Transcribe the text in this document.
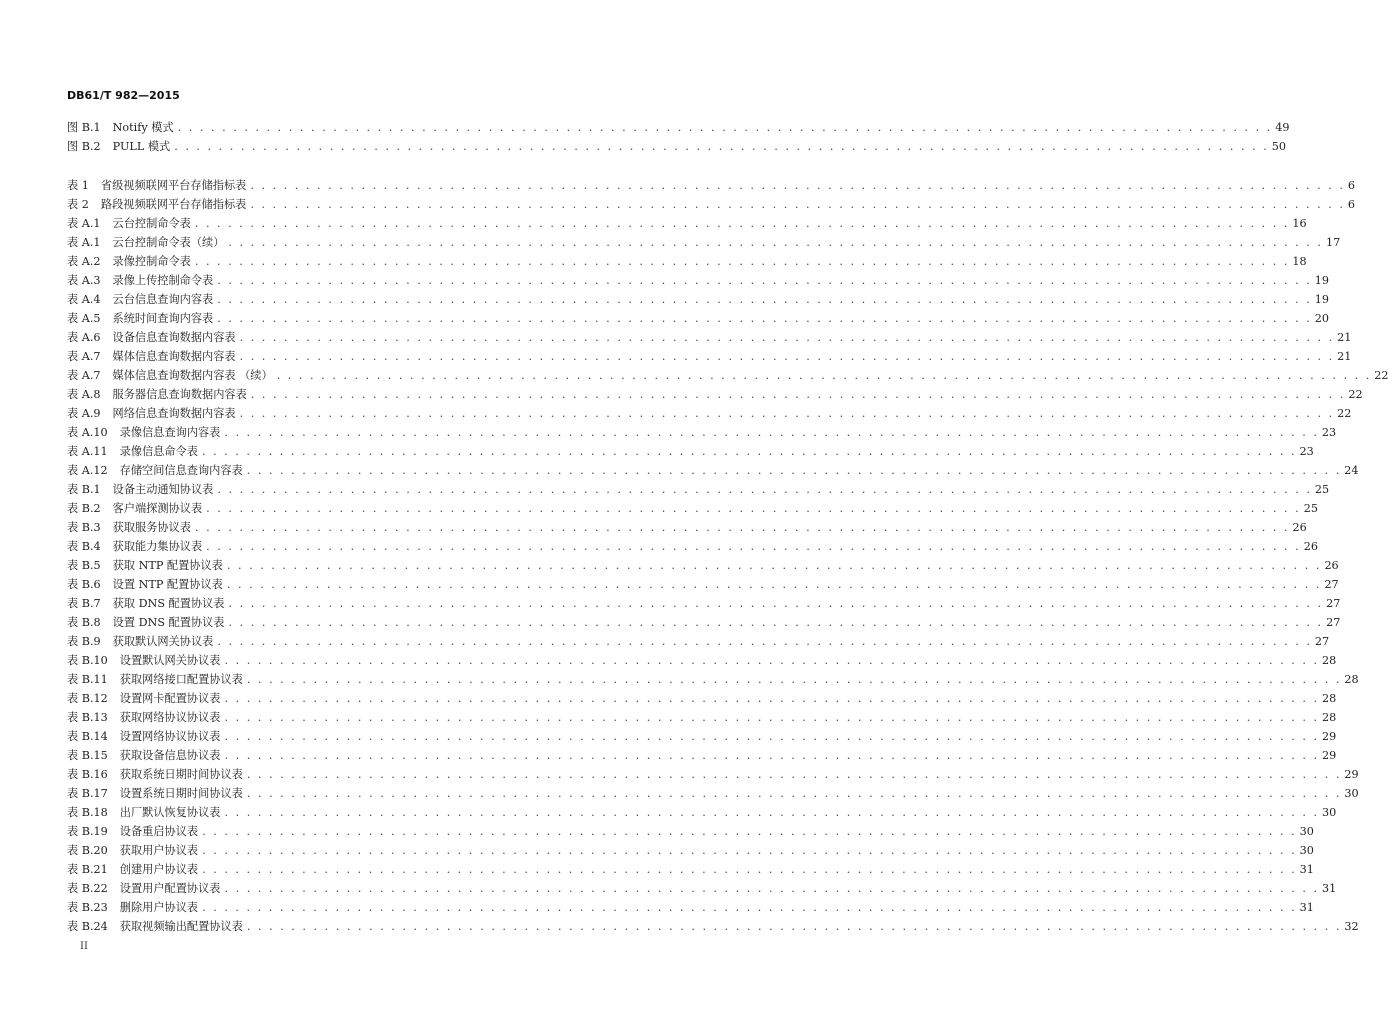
DB61/T 982—2015
图 B.1 Notify 模式 . . . . . . . . . . . . . . . . . . . . . . . . . . . . . . . . . . . . . . . . . . . . . . . . . . . . . . . . . . . . . . . . . . . . . . . . . . . . . . . . . . . . . . . . . . . . . . . . . . . 49
图 B.2 PULL 模式 . . . . . . . . . . . . . . . . . . . . . . . . . . . . . . . . . . . . . . . . . . . . . . . . . . . . . . . . . . . . . . . . . . . . . . . . . . . . . . . . . . . . . . . . . . . . . . . . . . . 50
表 1 省级视频联网平台存储指标表 . . . . . . . . . . . . . . . . . . . . . . . . . . . . . . . . . . . . . . . . . . . . . . . . . . . . . . . . . . . . . . . . . . . . . . . . . . . . . . . . . . . . . . . . . . . . . . . . . . . 6
表 2 路段视频联网平台存储指标表 . . . . . . . . . . . . . . . . . . . . . . . . . . . . . . . . . . . . . . . . . . . . . . . . . . . . . . . . . . . . . . . . . . . . . . . . . . . . . . . . . . . . . . . . . . . . . . . . . . . 6
表 A.1 云台控制命令表 . . . . . . . . . . . . . . . . . . . . . . . . . . . . . . . . . . . . . . . . . . . . . . . . . . . . . . . . . . . . . . . . . . . . . . . . . . . . . . . . . . . . . . . . . . . . . . . . . . . 16
表 A.1 云台控制命令表（续） . . . . . . . . . . . . . . . . . . . . . . . . . . . . . . . . . . . . . . . . . . . . . . . . . . . . . . . . . . . . . . . . . . . . . . . . . . . . . . . . . . . . . . . . . . . . . . . . . . . 17
表 A.2 录像控制命令表 . . . . . . . . . . . . . . . . . . . . . . . . . . . . . . . . . . . . . . . . . . . . . . . . . . . . . . . . . . . . . . . . . . . . . . . . . . . . . . . . . . . . . . . . . . . . . . . . . . . 18
表 A.3 录像上传控制命令表 . . . . . . . . . . . . . . . . . . . . . . . . . . . . . . . . . . . . . . . . . . . . . . . . . . . . . . . . . . . . . . . . . . . . . . . . . . . . . . . . . . . . . . . . . . . . . . . . . . . 19
表 A.4 云台信息查询内容表 . . . . . . . . . . . . . . . . . . . . . . . . . . . . . . . . . . . . . . . . . . . . . . . . . . . . . . . . . . . . . . . . . . . . . . . . . . . . . . . . . . . . . . . . . . . . . . . . . . . 19
表 A.5 系统时间查询内容表 . . . . . . . . . . . . . . . . . . . . . . . . . . . . . . . . . . . . . . . . . . . . . . . . . . . . . . . . . . . . . . . . . . . . . . . . . . . . . . . . . . . . . . . . . . . . . . . . . . . 20
表 A.6 设备信息查询数据内容表 . . . . . . . . . . . . . . . . . . . . . . . . . . . . . . . . . . . . . . . . . . . . . . . . . . . . . . . . . . . . . . . . . . . . . . . . . . . . . . . . . . . . . . . . . . . . . . . . . . . 21
表 A.7 媒体信息查询数据内容表 . . . . . . . . . . . . . . . . . . . . . . . . . . . . . . . . . . . . . . . . . . . . . . . . . . . . . . . . . . . . . . . . . . . . . . . . . . . . . . . . . . . . . . . . . . . . . . . . . . . 21
表 A.7 媒体信息查询数据内容表 （续） . . . . . . . . . . . . . . . . . . . . . . . . . . . . . . . . . . . . . . . . . . . . . . . . . . . . . . . . . . . . . . . . . . . . . . . . . . . . . . . . . . . . . . . . . . . . . . . . . . . 22
表 A.8 服务器信息查询数据内容表 . . . . . . . . . . . . . . . . . . . . . . . . . . . . . . . . . . . . . . . . . . . . . . . . . . . . . . . . . . . . . . . . . . . . . . . . . . . . . . . . . . . . . . . . . . . . . . . . . . . 22
表 A.9 网络信息查询数据内容表 . . . . . . . . . . . . . . . . . . . . . . . . . . . . . . . . . . . . . . . . . . . . . . . . . . . . . . . . . . . . . . . . . . . . . . . . . . . . . . . . . . . . . . . . . . . . . . . . . . . 22
表 A.10 录像信息查询内容表 . . . . . . . . . . . . . . . . . . . . . . . . . . . . . . . . . . . . . . . . . . . . . . . . . . . . . . . . . . . . . . . . . . . . . . . . . . . . . . . . . . . . . . . . . . . . . . . . . . . 23
表 A.11 录像信息命令表 . . . . . . . . . . . . . . . . . . . . . . . . . . . . . . . . . . . . . . . . . . . . . . . . . . . . . . . . . . . . . . . . . . . . . . . . . . . . . . . . . . . . . . . . . . . . . . . . . . . 23
表 A.12 存储空间信息查询内容表 . . . . . . . . . . . . . . . . . . . . . . . . . . . . . . . . . . . . . . . . . . . . . . . . . . . . . . . . . . . . . . . . . . . . . . . . . . . . . . . . . . . . . . . . . . . . . . . . . . . 24
表 B.1 设备主动通知协议表 . . . . . . . . . . . . . . . . . . . . . . . . . . . . . . . . . . . . . . . . . . . . . . . . . . . . . . . . . . . . . . . . . . . . . . . . . . . . . . . . . . . . . . . . . . . . . . . . . . . 25
表 B.2 客户端探测协议表 . . . . . . . . . . . . . . . . . . . . . . . . . . . . . . . . . . . . . . . . . . . . . . . . . . . . . . . . . . . . . . . . . . . . . . . . . . . . . . . . . . . . . . . . . . . . . . . . . . . 25
表 B.3 获取服务协议表 . . . . . . . . . . . . . . . . . . . . . . . . . . . . . . . . . . . . . . . . . . . . . . . . . . . . . . . . . . . . . . . . . . . . . . . . . . . . . . . . . . . . . . . . . . . . . . . . . . . 26
表 B.4 获取能力集协议表 . . . . . . . . . . . . . . . . . . . . . . . . . . . . . . . . . . . . . . . . . . . . . . . . . . . . . . . . . . . . . . . . . . . . . . . . . . . . . . . . . . . . . . . . . . . . . . . . . . . 26
表 B.5 获取 NTP 配置协议表 . . . . . . . . . . . . . . . . . . . . . . . . . . . . . . . . . . . . . . . . . . . . . . . . . . . . . . . . . . . . . . . . . . . . . . . . . . . . . . . . . . . . . . . . . . . . . . . . . . . 26
表 B.6 设置 NTP 配置协议表 . . . . . . . . . . . . . . . . . . . . . . . . . . . . . . . . . . . . . . . . . . . . . . . . . . . . . . . . . . . . . . . . . . . . . . . . . . . . . . . . . . . . . . . . . . . . . . . . . . . 27
表 B.7 获取 DNS 配置协议表 . . . . . . . . . . . . . . . . . . . . . . . . . . . . . . . . . . . . . . . . . . . . . . . . . . . . . . . . . . . . . . . . . . . . . . . . . . . . . . . . . . . . . . . . . . . . . . . . . . . 27
表 B.8 设置 DNS 配置协议表 . . . . . . . . . . . . . . . . . . . . . . . . . . . . . . . . . . . . . . . . . . . . . . . . . . . . . . . . . . . . . . . . . . . . . . . . . . . . . . . . . . . . . . . . . . . . . . . . . . . 27
表 B.9 获取默认网关协议表 . . . . . . . . . . . . . . . . . . . . . . . . . . . . . . . . . . . . . . . . . . . . . . . . . . . . . . . . . . . . . . . . . . . . . . . . . . . . . . . . . . . . . . . . . . . . . . . . . . . 27
表 B.10 设置默认网关协议表 . . . . . . . . . . . . . . . . . . . . . . . . . . . . . . . . . . . . . . . . . . . . . . . . . . . . . . . . . . . . . . . . . . . . . . . . . . . . . . . . . . . . . . . . . . . . . . . . . . . 28
表 B.11 获取网络接口配置协议表 . . . . . . . . . . . . . . . . . . . . . . . . . . . . . . . . . . . . . . . . . . . . . . . . . . . . . . . . . . . . . . . . . . . . . . . . . . . . . . . . . . . . . . . . . . . . . . . . . . . 28
表 B.12 设置网卡配置协议表 . . . . . . . . . . . . . . . . . . . . . . . . . . . . . . . . . . . . . . . . . . . . . . . . . . . . . . . . . . . . . . . . . . . . . . . . . . . . . . . . . . . . . . . . . . . . . . . . . . . 28
表 B.13 获取网络协议协议表 . . . . . . . . . . . . . . . . . . . . . . . . . . . . . . . . . . . . . . . . . . . . . . . . . . . . . . . . . . . . . . . . . . . . . . . . . . . . . . . . . . . . . . . . . . . . . . . . . . . 28
表 B.14 设置网络协议协议表 . . . . . . . . . . . . . . . . . . . . . . . . . . . . . . . . . . . . . . . . . . . . . . . . . . . . . . . . . . . . . . . . . . . . . . . . . . . . . . . . . . . . . . . . . . . . . . . . . . . 29
表 B.15 获取设备信息协议表 . . . . . . . . . . . . . . . . . . . . . . . . . . . . . . . . . . . . . . . . . . . . . . . . . . . . . . . . . . . . . . . . . . . . . . . . . . . . . . . . . . . . . . . . . . . . . . . . . . . 29
表 B.16 获取系统日期时间协议表 . . . . . . . . . . . . . . . . . . . . . . . . . . . . . . . . . . . . . . . . . . . . . . . . . . . . . . . . . . . . . . . . . . . . . . . . . . . . . . . . . . . . . . . . . . . . . . . . . . . 29
表 B.17 设置系统日期时间协议表 . . . . . . . . . . . . . . . . . . . . . . . . . . . . . . . . . . . . . . . . . . . . . . . . . . . . . . . . . . . . . . . . . . . . . . . . . . . . . . . . . . . . . . . . . . . . . . . . . . . 30
表 B.18 出厂默认恢复协议表 . . . . . . . . . . . . . . . . . . . . . . . . . . . . . . . . . . . . . . . . . . . . . . . . . . . . . . . . . . . . . . . . . . . . . . . . . . . . . . . . . . . . . . . . . . . . . . . . . . . 30
表 B.19 设备重启协议表 . . . . . . . . . . . . . . . . . . . . . . . . . . . . . . . . . . . . . . . . . . . . . . . . . . . . . . . . . . . . . . . . . . . . . . . . . . . . . . . . . . . . . . . . . . . . . . . . . . . 30
表 B.20 获取用户协议表 . . . . . . . . . . . . . . . . . . . . . . . . . . . . . . . . . . . . . . . . . . . . . . . . . . . . . . . . . . . . . . . . . . . . . . . . . . . . . . . . . . . . . . . . . . . . . . . . . . . 30
表 B.21 创建用户协议表 . . . . . . . . . . . . . . . . . . . . . . . . . . . . . . . . . . . . . . . . . . . . . . . . . . . . . . . . . . . . . . . . . . . . . . . . . . . . . . . . . . . . . . . . . . . . . . . . . . . 31
表 B.22 设置用户配置协议表 . . . . . . . . . . . . . . . . . . . . . . . . . . . . . . . . . . . . . . . . . . . . . . . . . . . . . . . . . . . . . . . . . . . . . . . . . . . . . . . . . . . . . . . . . . . . . . . . . . . 31
表 B.23 删除用户协议表 . . . . . . . . . . . . . . . . . . . . . . . . . . . . . . . . . . . . . . . . . . . . . . . . . . . . . . . . . . . . . . . . . . . . . . . . . . . . . . . . . . . . . . . . . . . . . . . . . . . 31
表 B.24 获取视频输出配置协议表 . . . . . . . . . . . . . . . . . . . . . . . . . . . . . . . . . . . . . . . . . . . . . . . . . . . . . . . . . . . . . . . . . . . . . . . . . . . . . . . . . . . . . . . . . . . . . . . . . . . 32
II
